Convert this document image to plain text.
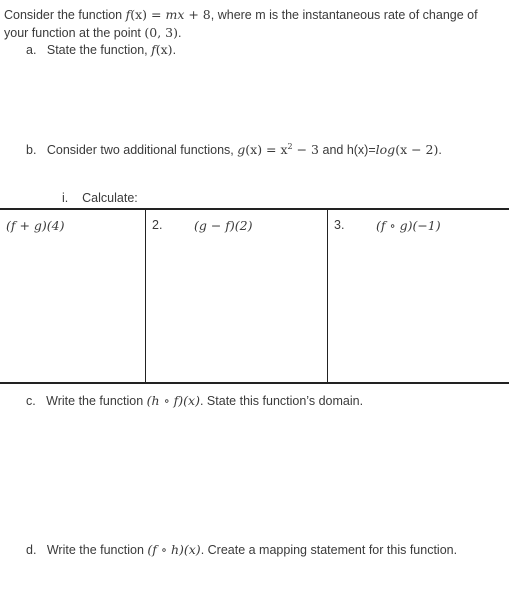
Consider the function f(x) = mx + 8, where m is the instantaneous rate of change of
your function at the point (0, 3).
a. State the function, f(x).
b. Consider two additional functions, $g(x) = x^2 - 3$ and h(x)=log(x − 2).
i. Calculate:
(f + g)(4)	2.	(g − f)(2)	3.	(f ∘ g)(−1)
c. Write the function (h ∘ f)(x). State this function’s domain.
d. Write the function (f ∘ h)(x). Create a mapping statement for this function.
